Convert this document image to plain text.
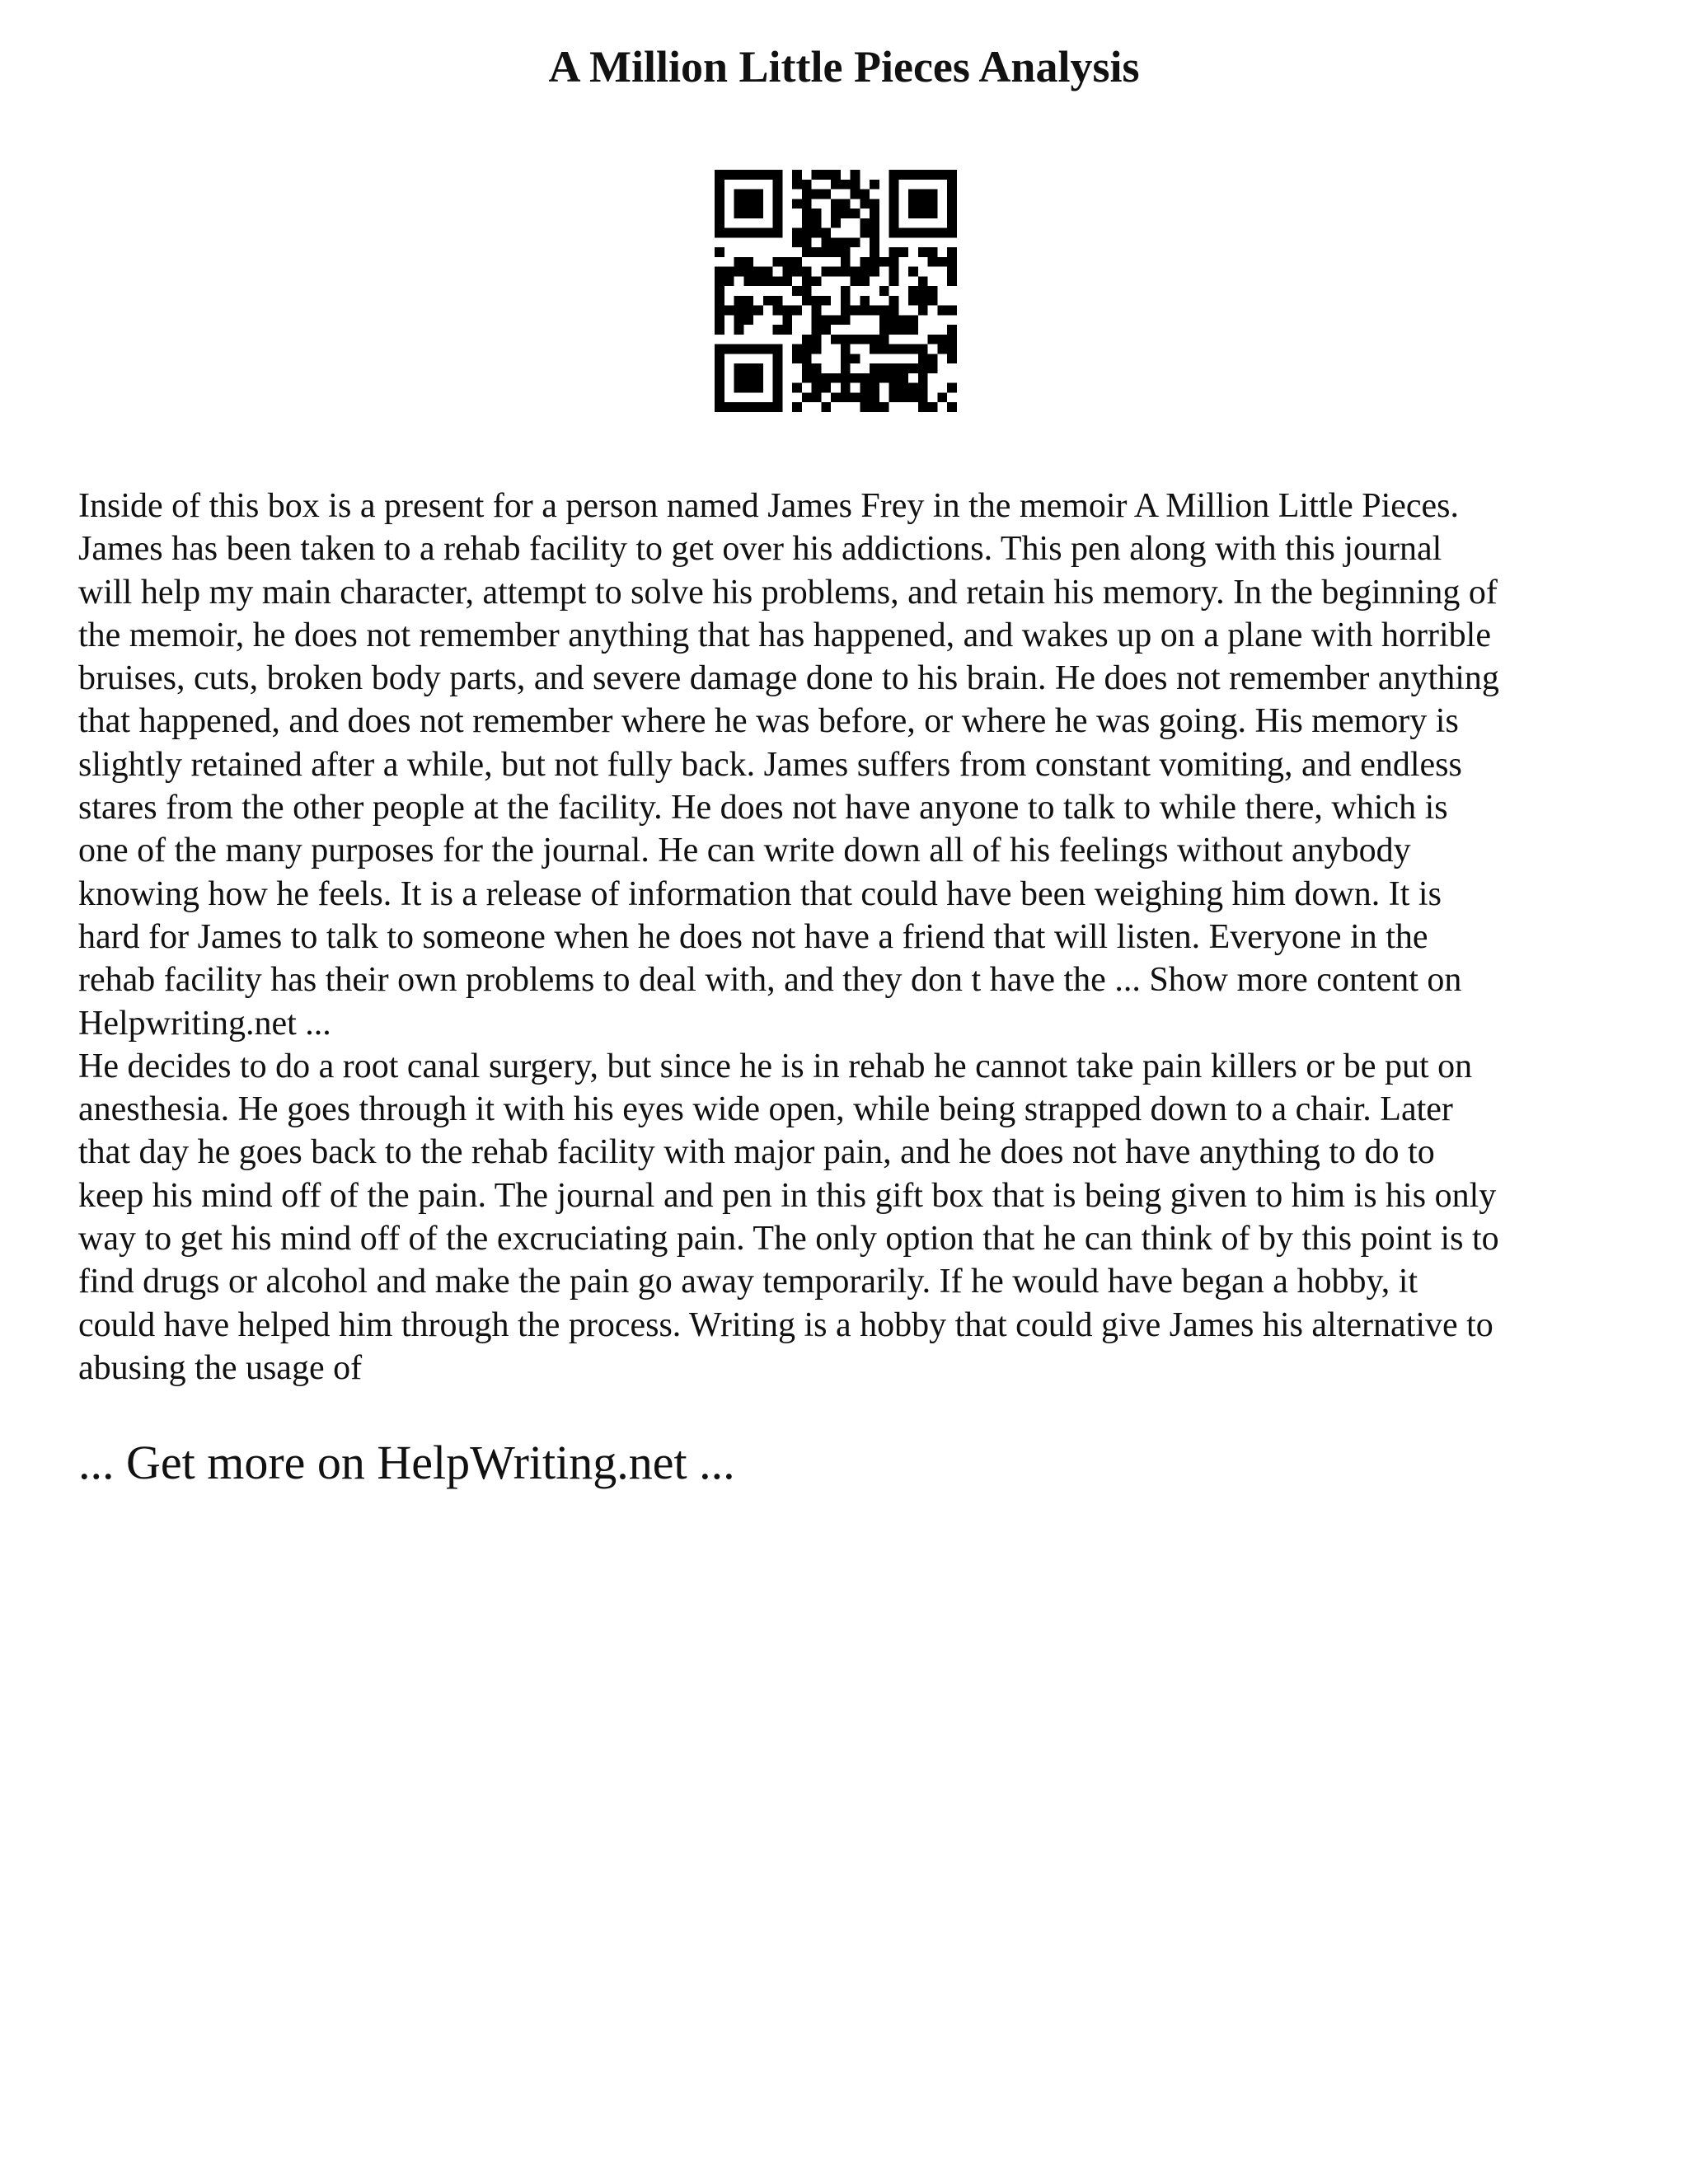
A Million Little Pieces Analysis
Inside of this box is a present for a person named James Frey in the memoir A Million Little Pieces.
James has been taken to a rehab facility to get over his addictions. This pen along with this journal
will help my main character, attempt to solve his problems, and retain his memory. In the beginning of
the memoir, he does not remember anything that has happened, and wakes up on a plane with horrible
bruises, cuts, broken body parts, and severe damage done to his brain. He does not remember anything
that happened, and does not remember where he was before, or where he was going. His memory is
slightly retained after a while, but not fully back. James suffers from constant vomiting, and endless
stares from the other people at the facility. He does not have anyone to talk to while there, which is
one of the many purposes for the journal. He can write down all of his feelings without anybody
knowing how he feels. It is a release of information that could have been weighing him down. It is
hard for James to talk to someone when he does not have a friend that will listen. Everyone in the
rehab facility has their own problems to deal with, and they don t have the ... Show more content on
Helpwriting.net ...
He decides to do a root canal surgery, but since he is in rehab he cannot take pain killers or be put on
anesthesia. He goes through it with his eyes wide open, while being strapped down to a chair. Later
that day he goes back to the rehab facility with major pain, and he does not have anything to do to
keep his mind off of the pain. The journal and pen in this gift box that is being given to him is his only
way to get his mind off of the excruciating pain. The only option that he can think of by this point is to
find drugs or alcohol and make the pain go away temporarily. If he would have began a hobby, it
could have helped him through the process. Writing is a hobby that could give James his alternative to
abusing the usage of
... Get more on HelpWriting.net ...
